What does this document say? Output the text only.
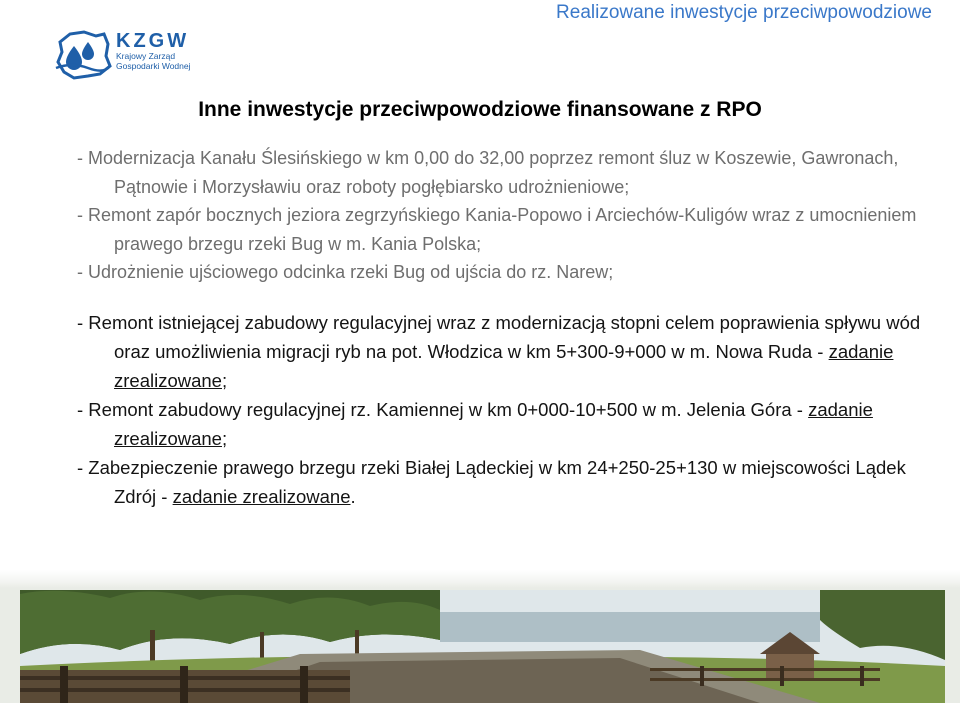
Realizowane inwestycje przeciwpowodziowe
KZGW
Krajowy Zarząd
Gospodarki Wodnej
Inne inwestycje przeciwpowodziowe finansowane z RPO

- Modernizacja Kanału Ślesińskiego w km 0,00 do 32,00 poprzez remont śluz w Koszewie, Gawronach, Pątnowie i Morzysławiu oraz roboty pogłębiarsko udrożnieniowe;

- Remont zapór bocznych jeziora zegrzyńskiego Kania-Popowo i Arciechów-Kuligów wraz z umocnieniem prawego brzegu rzeki Bug w m. Kania Polska;

- Udrożnienie ujściowego odcinka rzeki Bug od ujścia do rz. Narew;

- Remont istniejącej zabudowy regulacyjnej wraz z modernizacją stopni celem poprawienia spływu wód oraz umożliwienia migracji ryb na pot. Włodzica w km 5+300-9+000 w m. Nowa Ruda - zadanie zrealizowane;

- Remont zabudowy regulacyjnej rz. Kamiennej w km 0+000-10+500 w m. Jelenia Góra - zadanie zrealizowane;

- Zabezpieczenie prawego brzegu rzeki Białej Lądeckiej w km 24+250-25+130 w miejscowości Lądek Zdrój - zadanie zrealizowane.
